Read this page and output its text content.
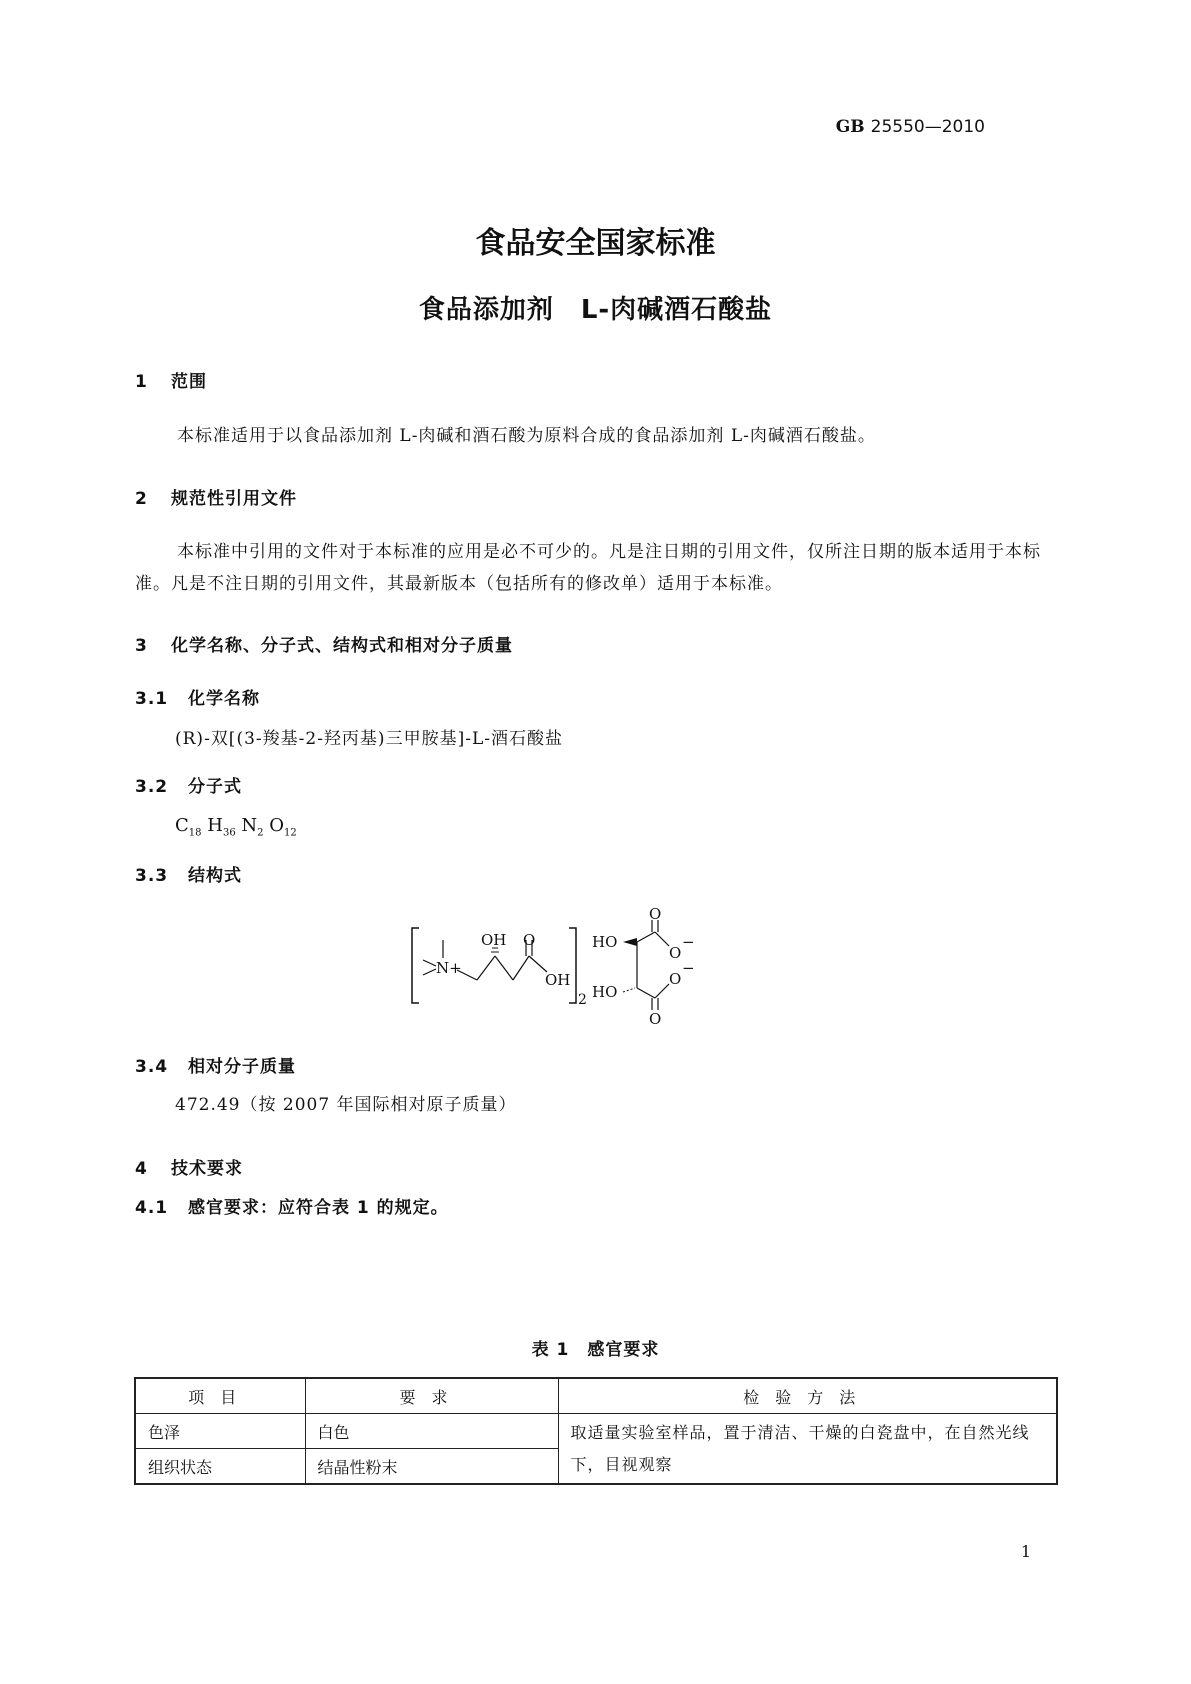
GB 25550—2010
食品安全国家标准
食品添加剂　L-肉碱酒石酸盐
1 范围
本标准适用于以食品添加剂 L-肉碱和酒石酸为原料合成的食品添加剂 L-肉碱酒石酸盐。
2 规范性引用文件
本标准中引用的文件对于本标准的应用是必不可少的。凡是注日期的引用文件，仅所注日期的版本适用于本标准。凡是不注日期的引用文件，其最新版本（包括所有的修改单）适用于本标准。
3 化学名称、分子式、结构式和相对分子质量
3.1 化学名称
(R)-双[(3-羧基-2-羟丙基)三甲胺基]-L-酒石酸盐
3.2 分子式
$C_{18}$ $H_{36}$ $N_2$ $O_{12}$
3.3 结构式
N+
OH O
OH
2
HO
HO
O
O
−
O
−
O
3.4 相对分子质量
472.49（按 2007 年国际相对原子质量）
4 技术要求
4.1 感官要求：应符合表 1 的规定。
表 1　感官要求
项目	要求	检验方法
色泽	白色	取适量实验室样品，置于清洁、干燥的白瓷盘中，在自然光线下，目视观察
组织状态	结晶性粉末	
1
